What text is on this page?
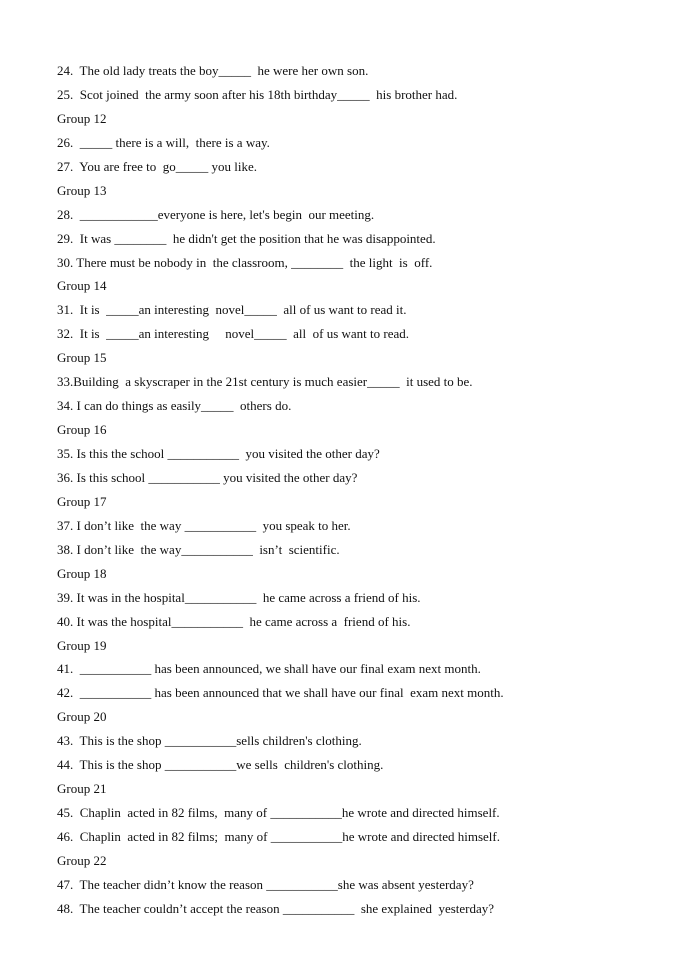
24.  The old lady treats the boy_____  he were her own son.
25.  Scot joined  the army soon after his 18th birthday_____  his brother had.
Group 12
26.  _____ there is a will,  there is a way.
27.  You are free to  go_____ you like.
Group 13
28.  ____________everyone is here, let's begin  our meeting.
29.  It was ________  he didn't get the position that he was disappointed.
30. There must be nobody in  the classroom, ________  the light  is  off.
Group 14
31.  It is  _____an interesting  novel_____  all of us want to read it.
32.  It is  _____an interesting     novel_____  all  of us want to read.
Group 15
33.Building  a skyscraper in the 21st century is much easier_____  it used to be.
34. I can do things as easily_____  others do.
Group 16
35. Is this the school ___________  you visited the other day?
36. Is this school ___________ you visited the other day?
Group 17
37. I don’t like  the way ___________  you speak to her.
38. I don’t like  the way___________  isn’t  scientific.
Group 18
39. It was in the hospital___________  he came across a friend of his.
40. It was the hospital___________  he came across a  friend of his.
Group 19
41.  ___________ has been announced, we shall have our final exam next month.
42.  ___________ has been announced that we shall have our final  exam next month.
Group 20
43.  This is the shop ___________sells children's clothing.
44.  This is the shop ___________we sells  children's clothing.
Group 21
45.  Chaplin  acted in 82 films,  many of ___________he wrote and directed himself.
46.  Chaplin  acted in 82 films;  many of ___________he wrote and directed himself.
Group 22
47.  The teacher didn’t know the reason ___________she was absent yesterday?
48.  The teacher couldn’t accept the reason ___________  she explained  yesterday?
